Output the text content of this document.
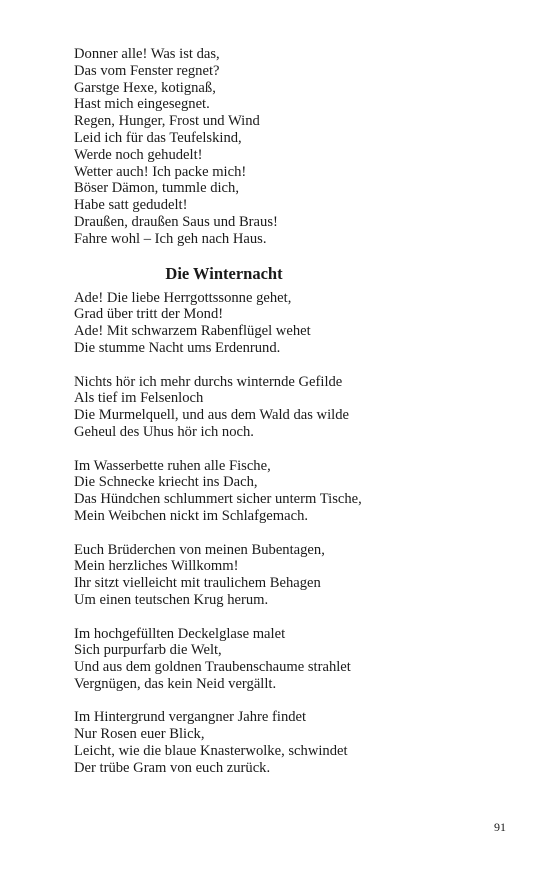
Donner alle! Was ist das,

Das vom Fenster regnet?

Garstge Hexe, kotignaß,

Hast mich eingesegnet.

Regen, Hunger, Frost und Wind

Leid ich für das Teufelskind,

Werde noch gehudelt!

Wetter auch! Ich packe mich!

Böser Dämon, tummle dich,

Habe satt gedudelt!

Draußen, draußen Saus und Braus!

Fahre wohl – Ich geh nach Haus.

Die Winternacht

Ade! Die liebe Herrgottssonne gehet,

Grad über tritt der Mond!

Ade! Mit schwarzem Rabenflügel wehet

Die stumme Nacht ums Erdenrund.

Nichts hör ich mehr durchs winternde Gefilde

Als tief im Felsenloch

Die Murmelquell, und aus dem Wald das wilde

Geheul des Uhus hör ich noch.

Im Wasserbette ruhen alle Fische,

Die Schnecke kriecht ins Dach,

Das Hündchen schlummert sicher unterm Tische,

Mein Weibchen nickt im Schlafgemach.

Euch Brüderchen von meinen Bubentagen,

Mein herzliches Willkomm!

Ihr sitzt vielleicht mit traulichem Behagen

Um einen teutschen Krug herum.

Im hochgefüllten Deckelglase malet

Sich purpurfarb die Welt,

Und aus dem goldnen Traubenschaume strahlet

Vergnügen, das kein Neid vergällt.

Im Hintergrund vergangner Jahre findet

Nur Rosen euer Blick,

Leicht, wie die blaue Knasterwolke, schwindet

Der trübe Gram von euch zurück.

91
